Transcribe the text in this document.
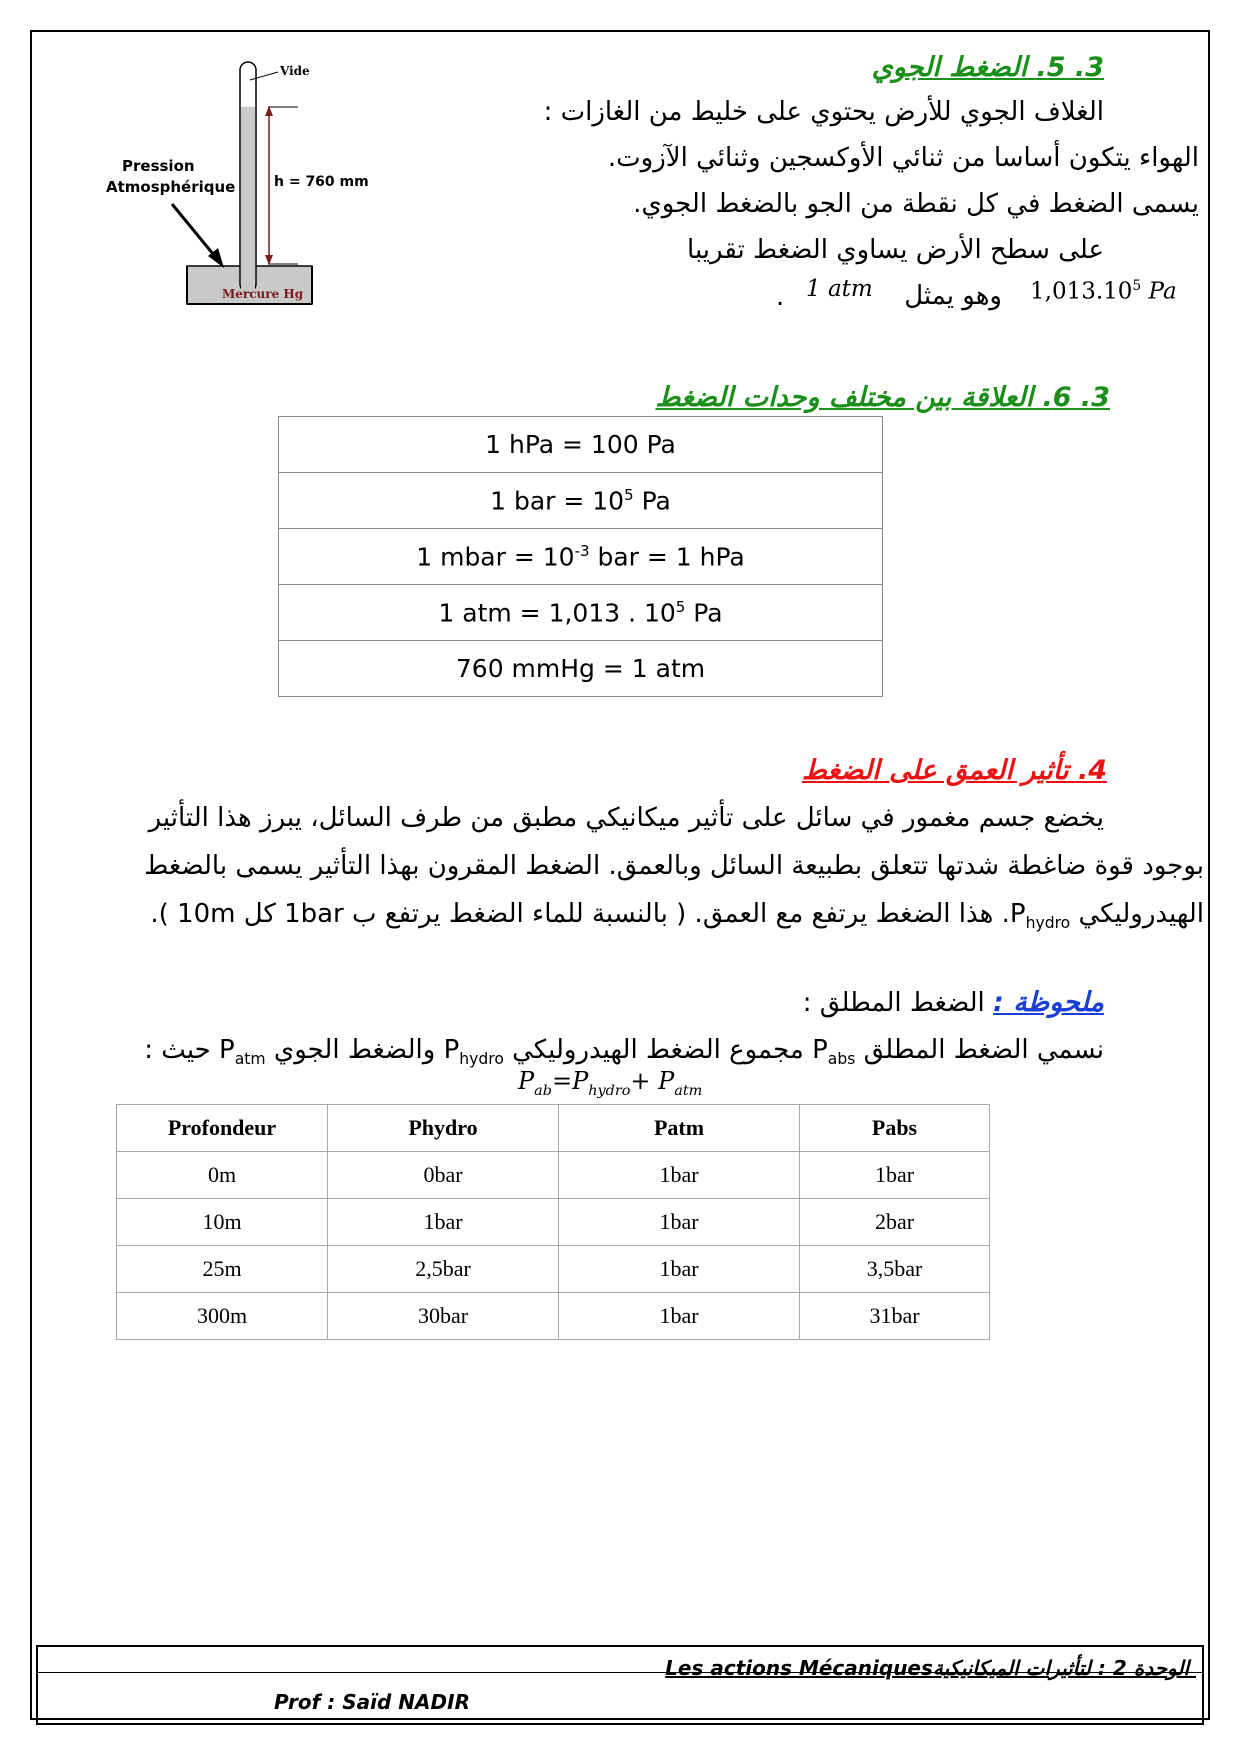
Vide
h = 760 mm
Pression
Atmosphérique
Mercure Hg
3. 5. الضغط الجوي
الغلاف الجوي للأرض يحتوي على خليط من الغازات :
الهواء يتكون أساسا من ثنائي الأوكسجين وثنائي الآزوت.
يسمى الضغط في كل نقطة من الجو بالضغط الجوي.
على سطح الأرض يساوي الضغط تقريبا
1,013.10$^5$ Pa
وهو يمثل
1 atm
.
3. 6. العلاقة بين مختلف وحدات الضغط
1 hPa = 100 Pa
1 bar = $10^5$ Pa
1 mbar = $10^{-3}$ bar = 1 hPa
1 atm = 1,013 . $10^5$ Pa
760 mmHg = 1 atm
4. تأثير العمق على الضغط
يخضع جسم مغمور في سائل على تأثير ميكانيكي مطبق من طرف السائل، يبرز هذا التأثير
بوجود قوة ضاغطة شدتها تتعلق بطبيعة السائل وبالعمق. الضغط المقرون بهذا التأثير يسمى بالضغط
الهيدروليكي $P_{hydro}$. هذا الضغط يرتفع مع العمق. ( بالنسبة للماء الضغط يرتفع ب 1bar كل 10m ).
ملحوظة : الضغط المطلق :
نسمي الضغط المطلق $P_{abs}$ مجموع الضغط الهيدروليكي $P_{hydro}$ والضغط الجوي $P_{atm}$ حيث :
$P_{ab}=P_{hydro}+ P_{atm}$
Profondeur	Phydro	Patm	Pabs
0m	0bar	1bar	1bar
10m	1bar	1bar	2bar
25m	2,5bar	1bar	3,5bar
300m	30bar	1bar	31bar
Les actions Mécaniques الوحدة 2 : لتأثيرات الميكانيكية
Prof : Saïd NADIR
